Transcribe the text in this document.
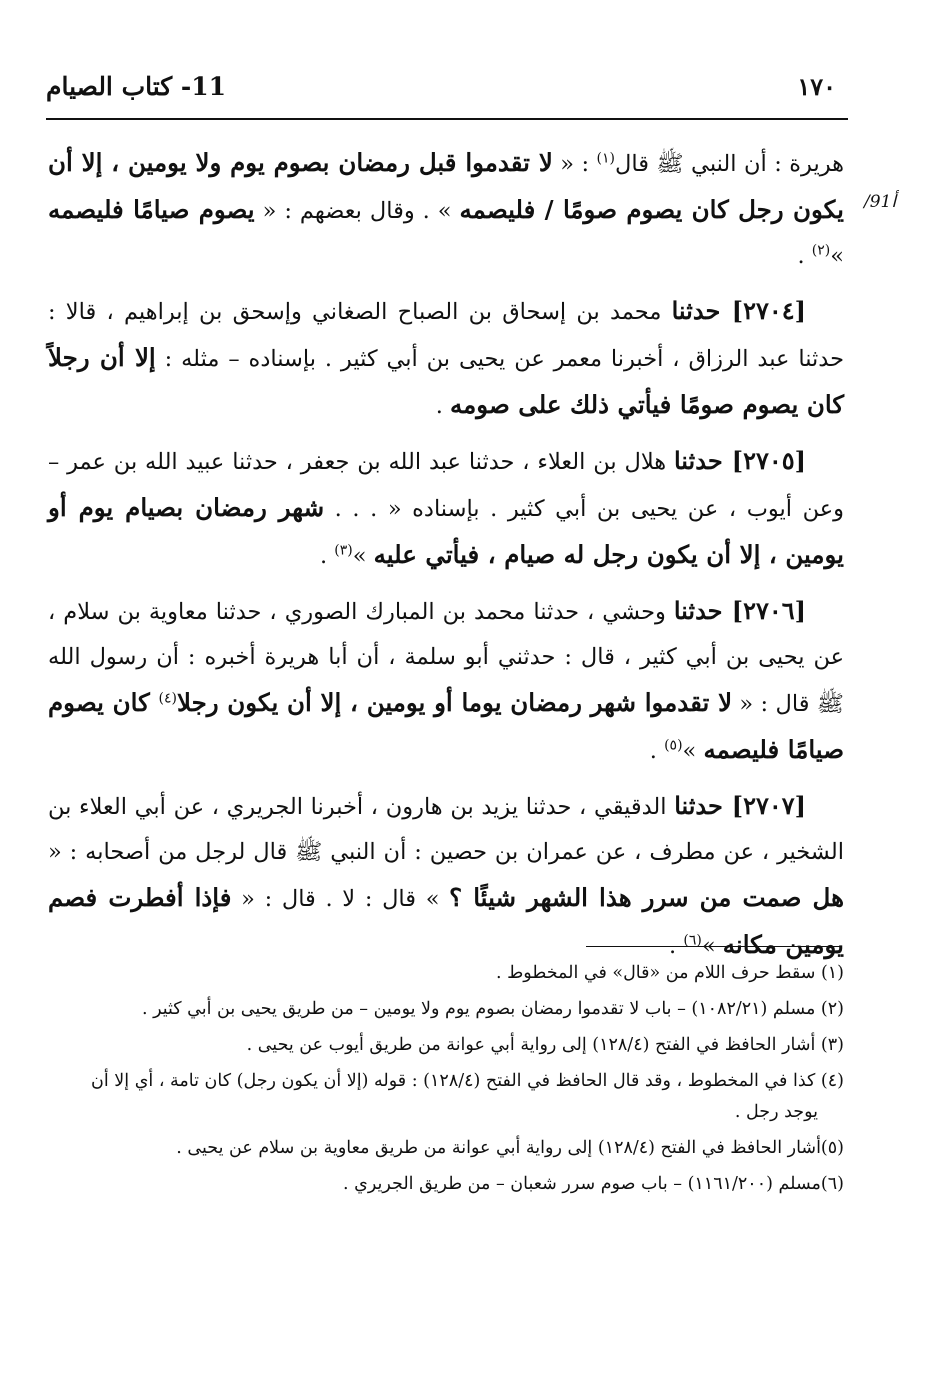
١٧٠
11- كتاب الصيام
/91أ

هريرة : أن النبي ﷺ قال$^{(١)}$ : « لا تقدموا قبل رمضان بصوم يوم ولا يومين ، إلا أن يكون رجل كان يصوم صومًا / فليصمه » . وقال بعضهم : « يصوم صيامًا فليصمه »$^{(٢)}$ .

[٢٧٠٤] حدثنا محمد بن إسحاق بن الصباح الصغاني وإسحق بن إبراهيم ، قالا : حدثنا عبد الرزاق ، أخبرنا معمر عن يحيى بن أبي كثير . بإسناده – مثله : إلا أن رجلاً كان يصوم صومًا فيأتي ذلك على صومه .

[٢٧٠٥] حدثنا هلال بن العلاء ، حدثنا عبد الله بن جعفر ، حدثنا عبيد الله بن عمر – وعن أيوب ، عن يحيى بن أبي كثير . بإسناده « . . . شهر رمضان بصيام يوم أو يومين ، إلا أن يكون رجل له صيام ، فيأتي عليه »$^{(٣)}$ .

[٢٧٠٦] حدثنا وحشي ، حدثنا محمد بن المبارك الصوري ، حدثنا معاوية بن سلام ، عن يحيى بن أبي كثير ، قال : حدثني أبو سلمة ، أن أبا هريرة أخبره : أن رسول الله ﷺ قال : « لا تقدموا شهر رمضان يوما أو يومين ، إلا أن يكون رجلا$^{(٤)}$ كان يصوم صيامًا فليصمه »$^{(٥)}$ .

[٢٧٠٧] حدثنا الدقيقي ، حدثنا يزيد بن هارون ، أخبرنا الجريري ، عن أبي العلاء بن الشخير ، عن مطرف ، عن عمران بن حصين : أن النبي ﷺ قال لرجل من أصحابه : « هل صمت من سرر هذا الشهر شيئًا ؟ » قال : لا . قال : « فإذا أفطرت فصم يومين مكانه »$^{(٦)}$ .

(١) سقط حرف اللام من «قال» في المخطوط .
(٢) مسلم (١٠٨٢/٢١) – باب لا تقدموا رمضان بصوم يوم ولا يومين – من طريق يحيى بن أبي كثير .
(٣) أشار الحافظ في الفتح (١٢٨/٤) إلى رواية أبي عوانة من طريق أيوب عن يحيى .
(٤) كذا في المخطوط ، وقد قال الحافظ في الفتح (١٢٨/٤) : قوله (إلا أن يكون رجل) كان تامة ، أي إلا أن
يوجد رجل .
(٥)أشار الحافظ في الفتح (١٢٨/٤) إلى رواية أبي عوانة من طريق معاوية بن سلام عن يحيى .
(٦)مسلم (١١٦١/٢٠٠) – باب صوم سرر شعبان – من طريق الجريري .
